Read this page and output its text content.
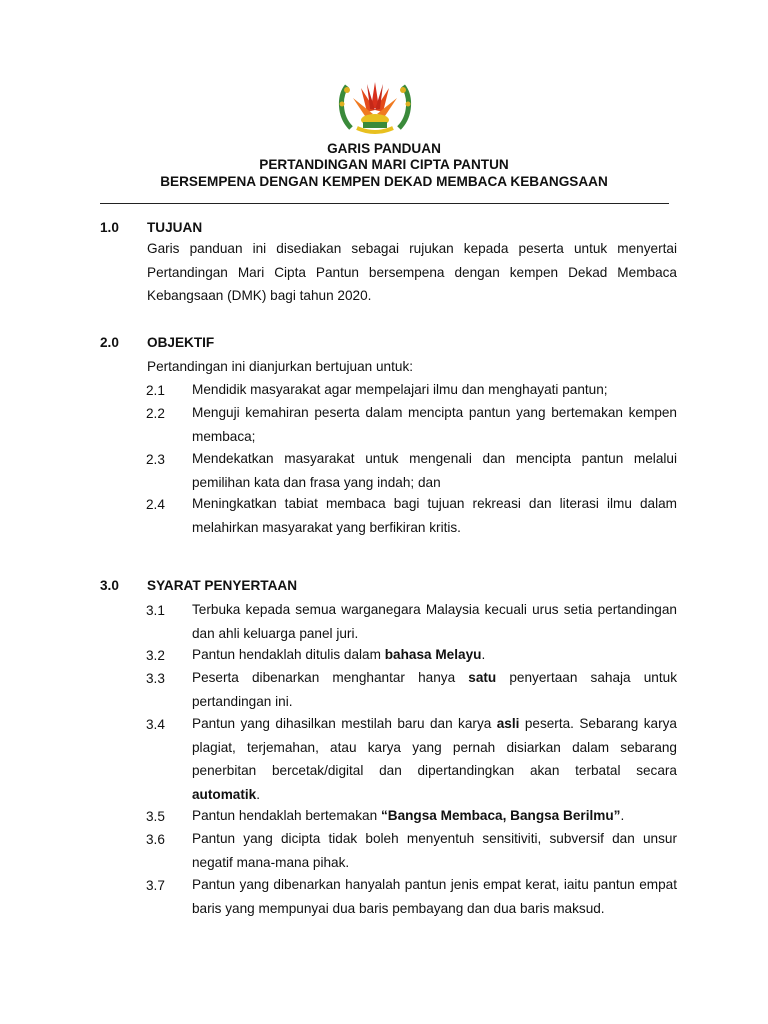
GARIS PANDUAN
PERTANDINGAN MARI CIPTA PANTUN
BERSEMPENA DENGAN KEMPEN DEKAD MEMBACA KEBANGSAAN
1.0 TUJUAN

Garis panduan ini disediakan sebagai rujukan kepada peserta untuk menyertai Pertandingan Mari Cipta Pantun bersempena dengan kempen Dekad Membaca Kebangsaan (DMK) bagi tahun 2020.

2.0 OBJEKTIF

Pertandingan ini dianjurkan bertujuan untuk:

2.1 Mendidik masyarakat agar mempelajari ilmu dan menghayati pantun;

2.2 Menguji kemahiran peserta dalam mencipta pantun yang bertemakan kempen membaca;

2.3 Mendekatkan masyarakat untuk mengenali dan mencipta pantun melalui pemilihan kata dan frasa yang indah; dan

2.4 Meningkatkan tabiat membaca bagi tujuan rekreasi dan literasi ilmu dalam melahirkan masyarakat yang berfikiran kritis.

3.0 SYARAT PENYERTAAN
3.1 Terbuka kepada semua warganegara Malaysia kecuali urus setia pertandingan dan ahli keluarga panel juri.

3.2 Pantun hendaklah ditulis dalam bahasa Melayu.

3.3 Peserta dibenarkan menghantar hanya satu penyertaan sahaja untuk pertandingan ini.

3.4 Pantun yang dihasilkan mestilah baru dan karya asli peserta. Sebarang karya plagiat, terjemahan, atau karya yang pernah disiarkan dalam sebarang penerbitan bercetak/digital dan dipertandingkan akan terbatal secara automatik.

3.5 Pantun hendaklah bertemakan “Bangsa Membaca, Bangsa Berilmu”.

3.6 Pantun yang dicipta tidak boleh menyentuh sensitiviti, subversif dan unsur negatif mana-mana pihak.

3.7 Pantun yang dibenarkan hanyalah pantun jenis empat kerat, iaitu pantun empat baris yang mempunyai dua baris pembayang dan dua baris maksud.
